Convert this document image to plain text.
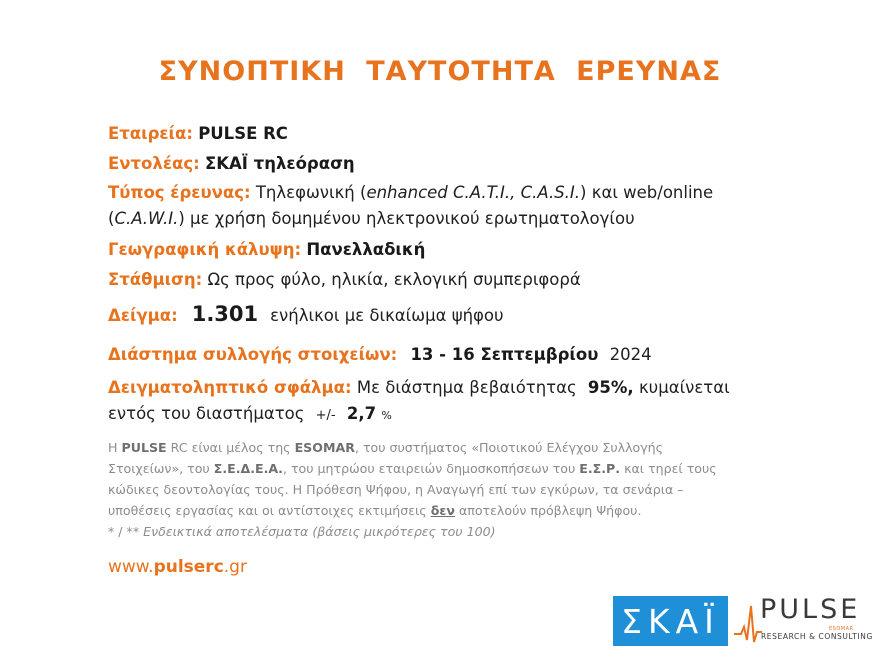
ΣΥΝΟΠΤΙΚΗ ΤΑΥΤΟΤΗΤΑ ΕΡΕΥΝΑΣ
Εταιρεία: PULSE RC
Εντολέας: ΣΚΑΪ τηλεόραση
Τύπος έρευνας: Τηλεφωνική (enhanced C.A.T.I., C.A.S.I.) και web/online
(C.A.W.I.) με χρήση δομημένου ηλεκτρονικού ερωτηματολογίου
Γεωγραφική κάλυψη: Πανελλαδική
Στάθμιση: Ως προς φύλο, ηλικία, εκλογική συμπεριφορά
Δείγμα: 1.301 ενήλικοι με δικαίωμα ψήφου
Διάστημα συλλογής στοιχείων: 13 - 16 Σεπτεμβρίου 2024
Δειγματοληπτικό σφάλμα: Με διάστημα βεβαιότητας 95%, κυμαίνεται
εντός του διαστήματος +/- 2,7 %
Η PULSE RC είναι μέλος της ESOMAR, του συστήματος «Ποιοτικού Ελέγχου Συλλογής
Στοιχείων», του Σ.Ε.Δ.Ε.Α., του μητρώου εταιρειών δημοσκοπήσεων του Ε.Σ.Ρ. και τηρεί τους
κώδικες δεοντολογίας τους. Η Πρόθεση Ψήφου, η Αναγωγή επί των εγκύρων, τα σενάρια –
υποθέσεις εργασίας και οι αντίστοιχες εκτιμήσεις δεν αποτελούν πρόβλεψη Ψήφου.
* / ** Ενδεικτικά αποτελέσματα (βάσεις μικρότερες του 100)
www.pulserc.gr
ΣΚΑΪ PULSE
ESOMAR
RESEARCH & CONSULTING
